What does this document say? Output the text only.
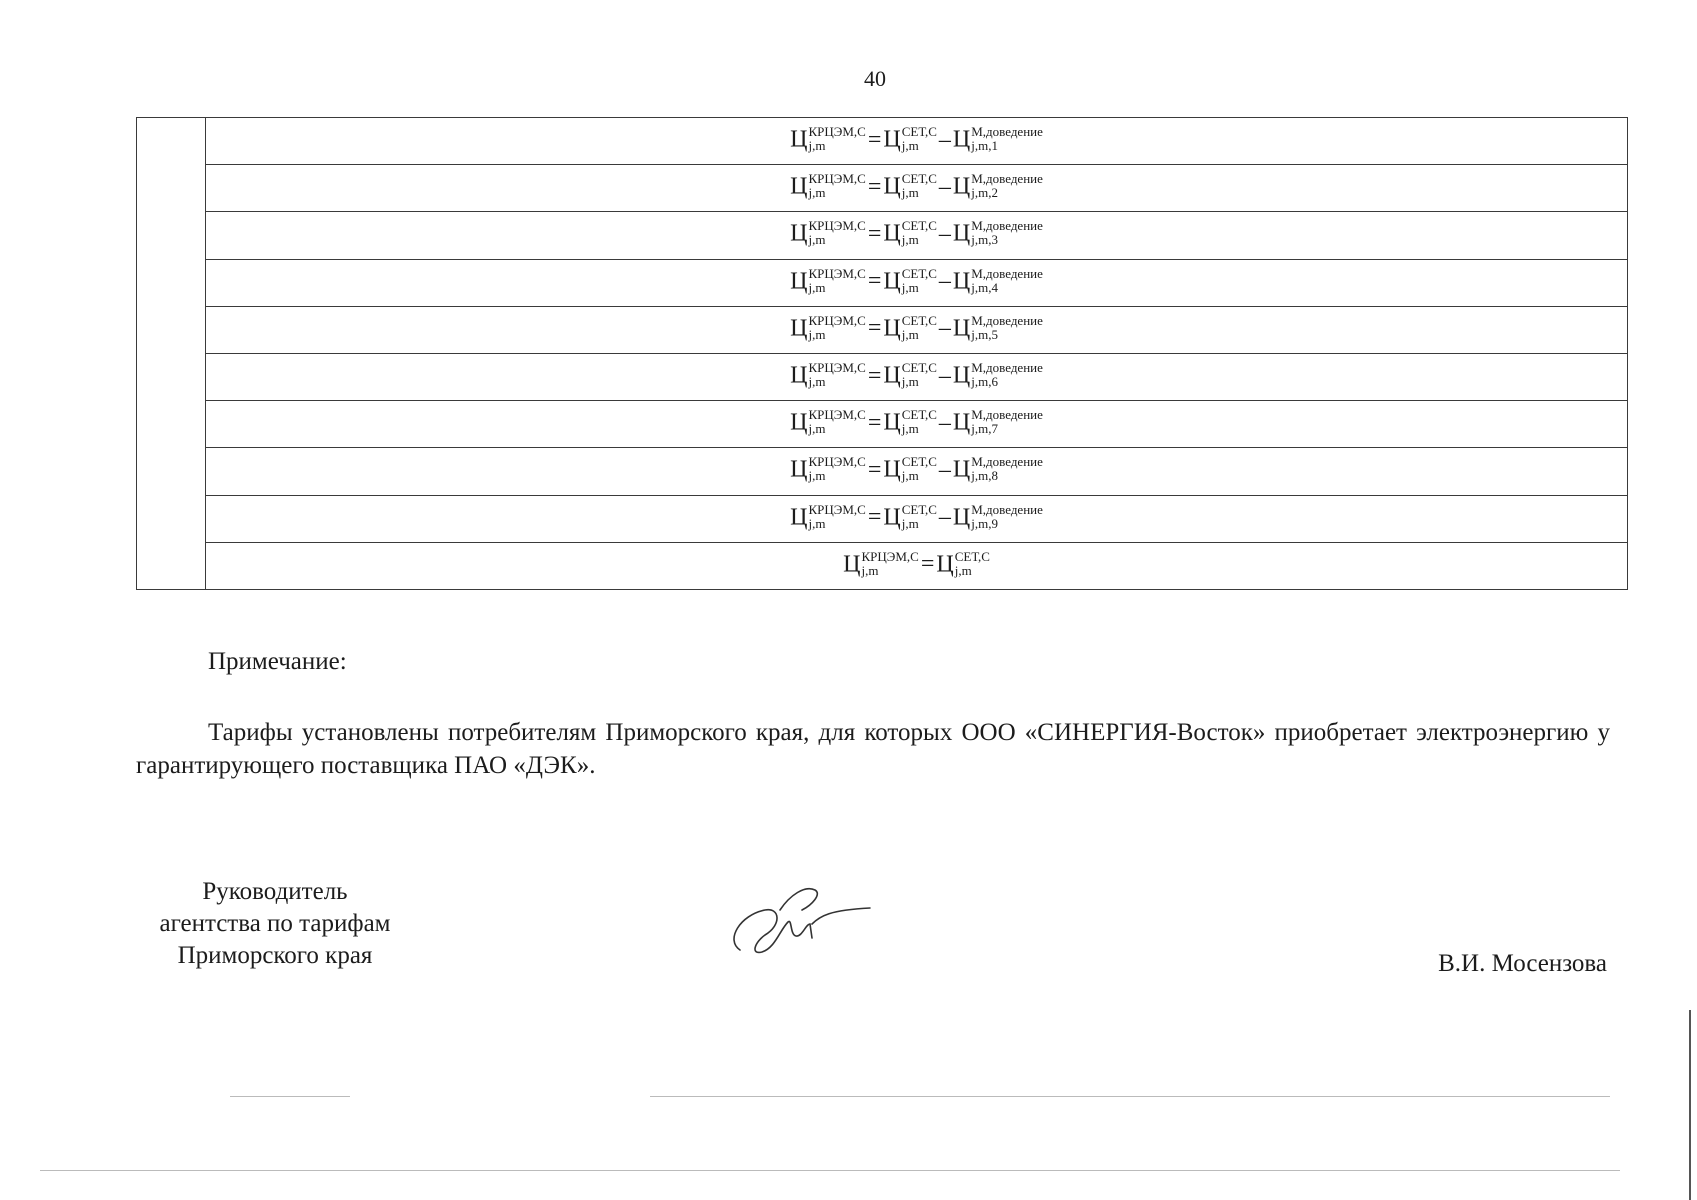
40
	Ц КРЦЭМ,С
j,m	=Ц СЕТ,С
j,m –Ц М,доведение
j,m,1

Ц КРЦЭМ,С
j,m	=Ц СЕТ,С
j,m –Ц М,доведение
j,m,2

Ц КРЦЭМ,С
j,m	=Ц СЕТ,С
j,m –Ц М,доведение
j,m,3

Ц КРЦЭМ,С
j,m	=Ц СЕТ,С
j,m –Ц М,доведение
j,m,4

Ц КРЦЭМ,С
j,m	=Ц СЕТ,С
j,m –Ц М,доведение
j,m,5

Ц КРЦЭМ,С
j,m	=Ц СЕТ,С
j,m –Ц М,доведение
j,m,6

Ц КРЦЭМ,С
j,m	=Ц СЕТ,С
j,m –Ц М,доведение
j,m,7

Ц КРЦЭМ,С
j,m	=Ц СЕТ,С
j,m –Ц М,доведение
j,m,8

Ц КРЦЭМ,С
j,m	=Ц СЕТ,С
j,m –Ц М,доведение
j,m,9

Ц КРЦЭМ,С
j,m	=Ц СЕТ,С
j,m
Примечание:
Тарифы установлены потребителям Приморского края, для которых ООО «СИНЕРГИЯ-Восток» приобретает электроэнергию у гарантирующего поставщика ПАО «ДЭК».
Руководитель
агентства по тарифам
Приморского края	В.И. Мосензова
